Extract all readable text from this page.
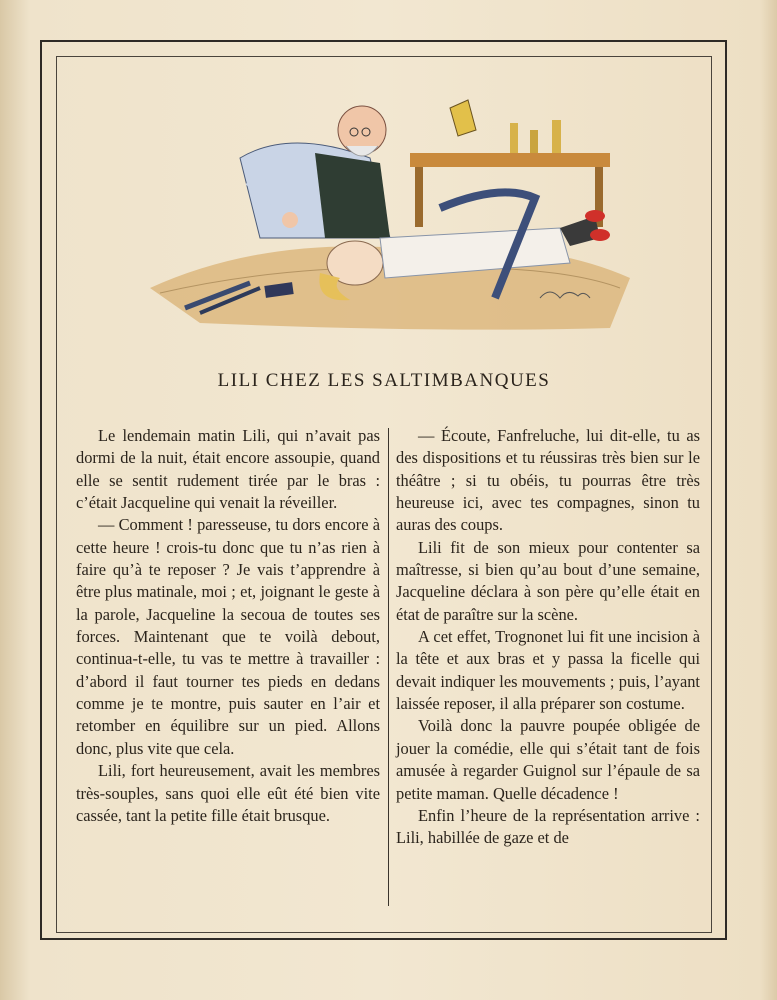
LILI CHEZ LES SALTIMBANQUES

Le lendemain matin Lili, qui n’avait pas dormi de la nuit, était encore assoupie, quand elle se sentit rudement tirée par le bras : c’était Jacqueline qui venait la réveiller.

— Comment ! paresseuse, tu dors encore à cette heure ! crois-tu donc que tu n’as rien à faire qu’à te reposer ? Je vais t’apprendre à être plus matinale, moi ; et, joignant le geste à la parole, Jacqueline la secoua de toutes ses forces. Maintenant que te voilà debout, continua-t-elle, tu vas te mettre à travailler : d’abord il faut tourner tes pieds en dedans comme je te montre, puis sauter en l’air et retomber en équilibre sur un pied. Allons donc, plus vite que cela.

Lili, fort heureusement, avait les membres très-souples, sans quoi elle eût été bien vite cassée, tant la petite fille était brusque.

— Écoute, Fanfreluche, lui dit-elle, tu as des dispositions et tu réussiras très bien sur le théâtre ; si tu obéis, tu pourras être très heureuse ici, avec tes compagnes, sinon tu auras des coups.

Lili fit de son mieux pour contenter sa maîtresse, si bien qu’au bout d’une semaine, Jacqueline déclara à son père qu’elle était en état de paraître sur la scène.

A cet effet, Trognonet lui fit une incision à la tête et aux bras et y passa la ficelle qui devait indiquer les mouvements ; puis, l’ayant laissée reposer, il alla préparer son costume.

Voilà donc la pauvre poupée obligée de jouer la comédie, elle qui s’était tant de fois amusée à regarder Guignol sur l’épaule de sa petite maman. Quelle décadence !

Enfin l’heure de la représentation arrive : Lili, habillée de gaze et de
